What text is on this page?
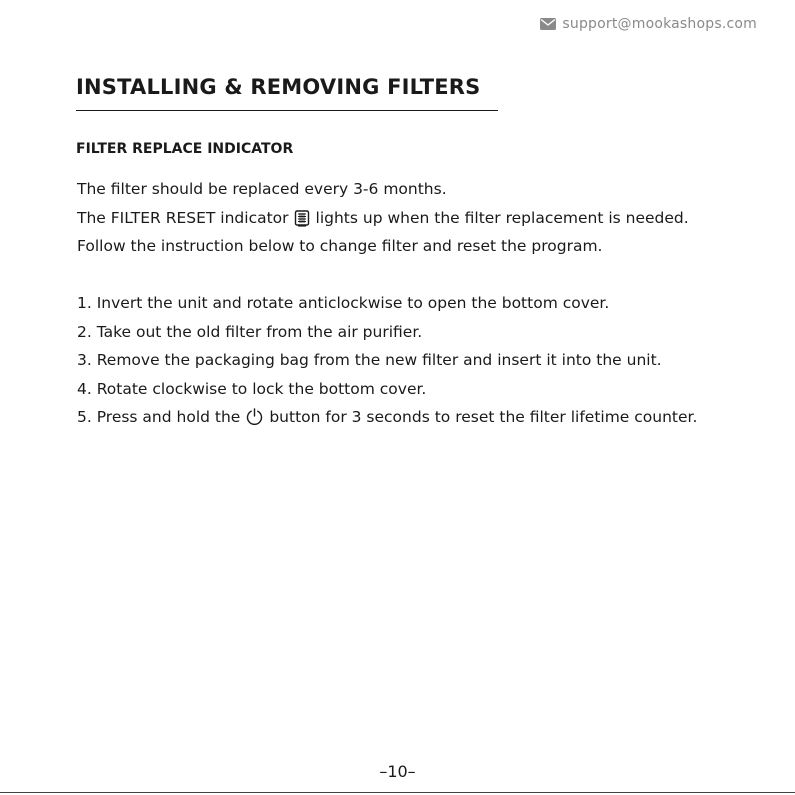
support@mookashops.com
INSTALLING & REMOVING FILTERS
FILTER REPLACE INDICATOR
The filter should be replaced every 3-6 months.
The FILTER RESET indicator lights up when the filter replacement is needed.
Follow the instruction below to change filter and reset the program.
1. Invert the unit and rotate anticlockwise to open the bottom cover.
2. Take out the old filter from the air purifier.
3. Remove the packaging bag from the new filter and insert it into the unit.
4. Rotate clockwise to lock the bottom cover.
5. Press and hold the button for 3 seconds to reset the filter lifetime counter.
–10–
